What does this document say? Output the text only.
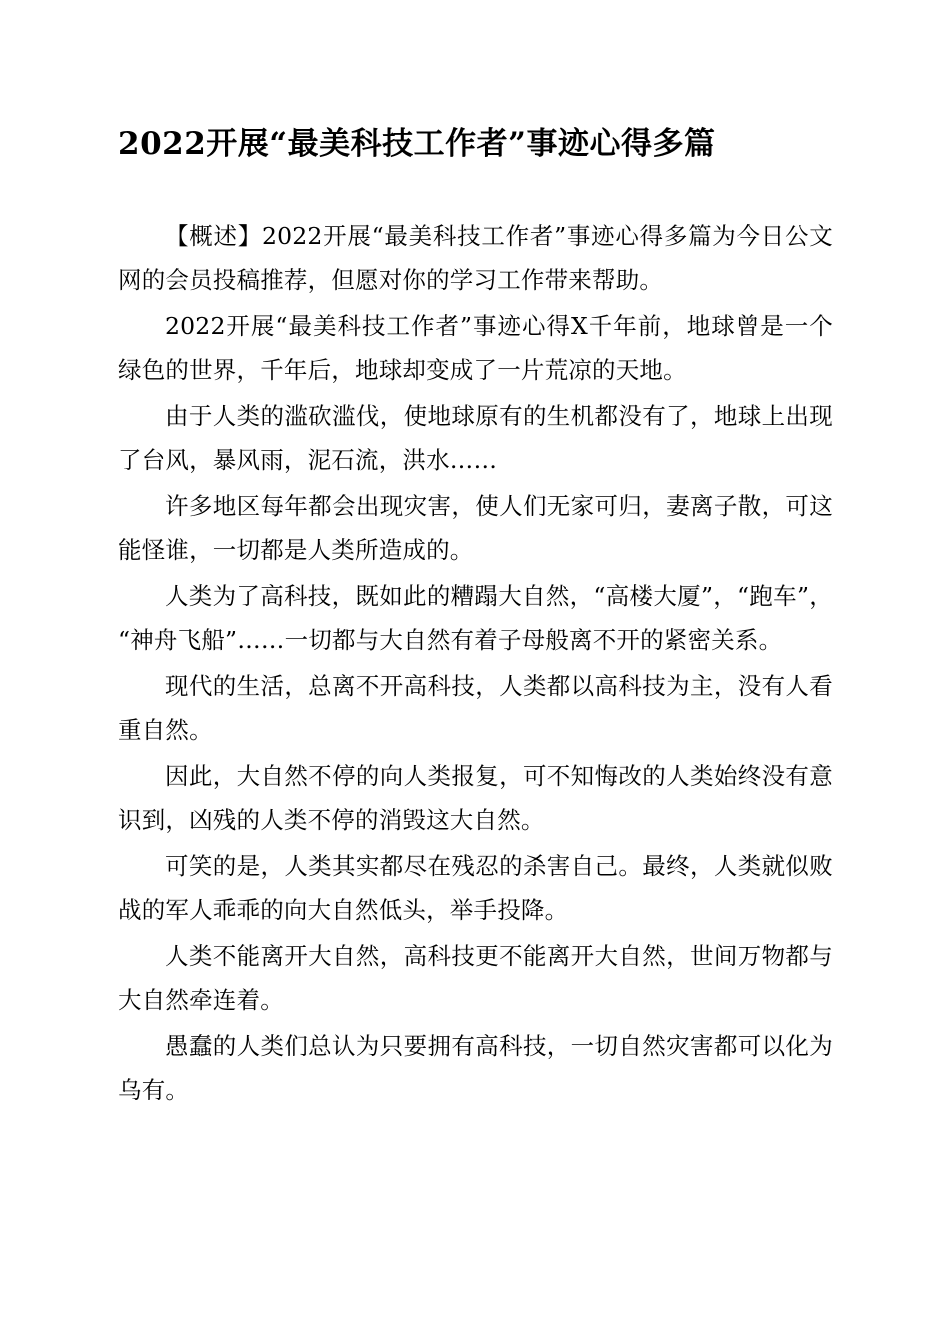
2022开展“最美科技工作者”事迹心得多篇

【概述】2022开展“最美科技工作者”事迹心得多篇为今日公文网的会员投稿推荐，但愿对你的学习工作带来帮助。

2022开展“最美科技工作者”事迹心得X千年前，地球曾是一个绿色的世界，千年后，地球却变成了一片荒凉的天地。

由于人类的滥砍滥伐，使地球原有的生机都没有了，地球上出现了台风，暴风雨，泥石流，洪水……

许多地区每年都会出现灾害，使人们无家可归，妻离子散，可这能怪谁，一切都是人类所造成的。

人类为了高科技，既如此的糟蹋大自然，“高楼大厦”，“跑车”，“神舟飞船”……一切都与大自然有着子母般离不开的紧密关系。

现代的生活，总离不开高科技，人类都以高科技为主，没有人看重自然。

因此，大自然不停的向人类报复，可不知悔改的人类始终没有意识到，凶残的人类不停的消毁这大自然。

可笑的是，人类其实都尽在残忍的杀害自己。最终，人类就似败战的军人乖乖的向大自然低头，举手投降。

人类不能离开大自然，高科技更不能离开大自然，世间万物都与大自然牵连着。

愚蠢的人类们总认为只要拥有高科技，一切自然灾害都可以化为乌有。
